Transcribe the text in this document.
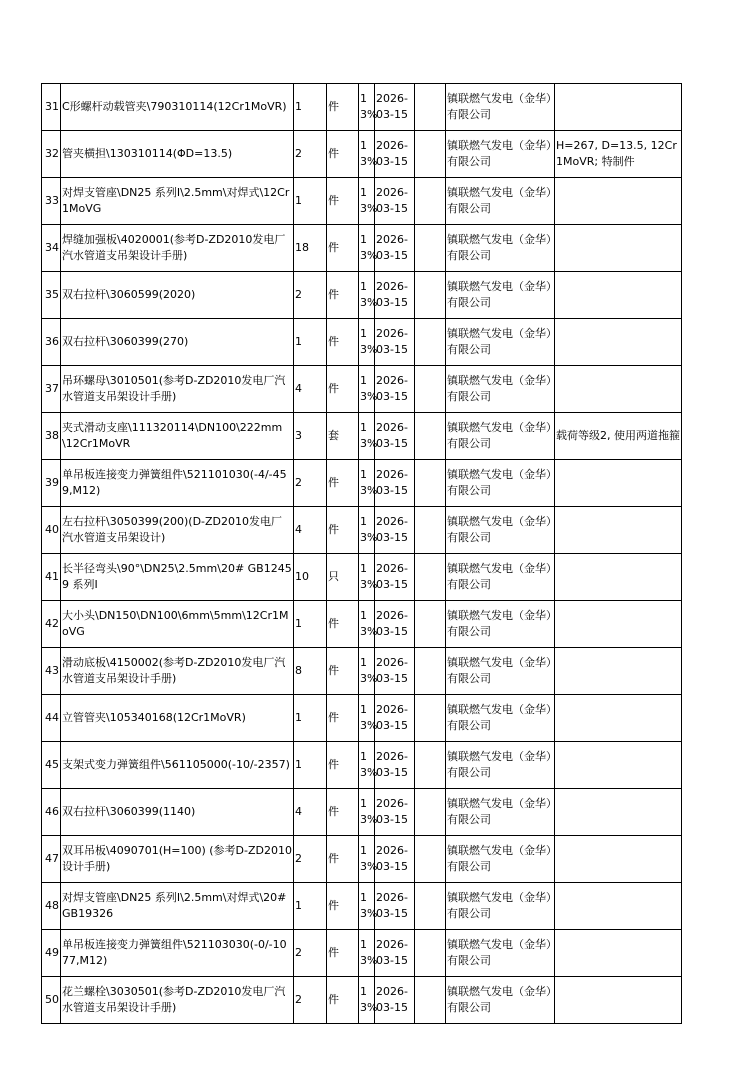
31	C形螺杆动载管夹\790310114(12Cr1MoVR)	1	件	13%	2026-03-15		镇联燃气发电（金华）有限公司	
32	管夹横担\130310114(ΦD=13.5)	2	件	13%	2026-03-15		镇联燃气发电（金华）有限公司	H=267, D=13.5, 12Cr1MoVR; 特制件
33	对焊支管座\DN25 系列Ⅰ\2.5mm\对焊式\12Cr1MoVG	1	件	13%	2026-03-15		镇联燃气发电（金华）有限公司	
34	焊缝加强板\4020001(参考D-ZD2010发电厂汽水管道支吊架设计手册)	18	件	13%	2026-03-15		镇联燃气发电（金华）有限公司	
35	双右拉杆\3060599(2020)	2	件	13%	2026-03-15		镇联燃气发电（金华）有限公司	
36	双右拉杆\3060399(270)	1	件	13%	2026-03-15		镇联燃气发电（金华）有限公司	
37	吊环螺母\3010501(参考D-ZD2010发电厂汽水管道支吊架设计手册)	4	件	13%	2026-03-15		镇联燃气发电（金华）有限公司	
38	夹式滑动支座\111320114\DN100\222mm\12Cr1MoVR	3	套	13%	2026-03-15		镇联燃气发电（金华）有限公司	载荷等级2, 使用两道拖箍
39	单吊板连接变力弹簧组件\521101030(-4/-459,M12)	2	件	13%	2026-03-15		镇联燃气发电（金华）有限公司	
40	左右拉杆\3050399(200)(D-ZD2010发电厂汽水管道支吊架设计)	4	件	13%	2026-03-15		镇联燃气发电（金华）有限公司	
41	长半径弯头\90°\DN25\2.5mm\20# GB12459 系列Ⅰ	10	只	13%	2026-03-15		镇联燃气发电（金华）有限公司	
42	大小头\DN150\DN100\6mm\5mm\12Cr1MoVG	1	件	13%	2026-03-15		镇联燃气发电（金华）有限公司	
43	滑动底板\4150002(参考D-ZD2010发电厂汽水管道支吊架设计手册)	8	件	13%	2026-03-15		镇联燃气发电（金华）有限公司	
44	立管管夹\105340168(12Cr1MoVR)	1	件	13%	2026-03-15		镇联燃气发电（金华）有限公司	
45	支架式变力弹簧组件\561105000(-10/-2357)	1	件	13%	2026-03-15		镇联燃气发电（金华）有限公司	
46	双右拉杆\3060399(1140)	4	件	13%	2026-03-15		镇联燃气发电（金华）有限公司	
47	双耳吊板\4090701(H=100) (参考D-ZD2010设计手册)	2	件	13%	2026-03-15		镇联燃气发电（金华）有限公司	
48	对焊支管座\DN25 系列Ⅰ\2.5mm\对焊式\20# GB19326	1	件	13%	2026-03-15		镇联燃气发电（金华）有限公司	
49	单吊板连接变力弹簧组件\521103030(-0/-1077,M12)	2	件	13%	2026-03-15		镇联燃气发电（金华）有限公司	
50	花兰螺栓\3030501(参考D-ZD2010发电厂汽水管道支吊架设计手册)	2	件	13%	2026-03-15		镇联燃气发电（金华）有限公司	
